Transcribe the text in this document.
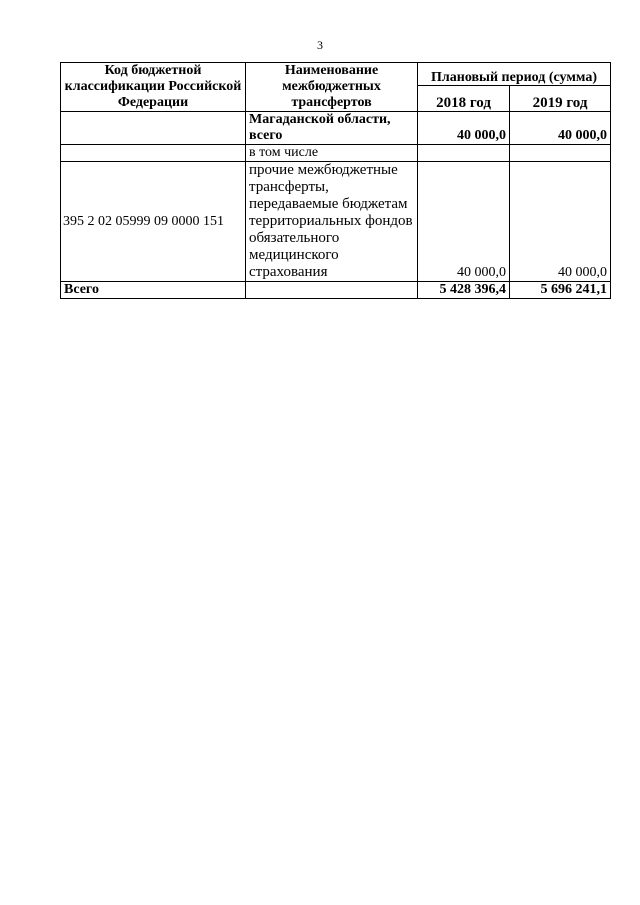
3
Код бюджетной классификации Российской Федерации	Наименование межбюджетных трансфертов	Плановый период (сумма)	
		2018 год	2019 год
	Магаданской области, всего	40 000,0	40 000,0
	в том числе		
395 2 02 05999 09 0000 151	прочие межбюджетные трансферты, передаваемые бюджетам территориальных фондов обязательного медицинского страхования	40 000,0	40 000,0
Всего		5 428 396,4	5 696 241,1
